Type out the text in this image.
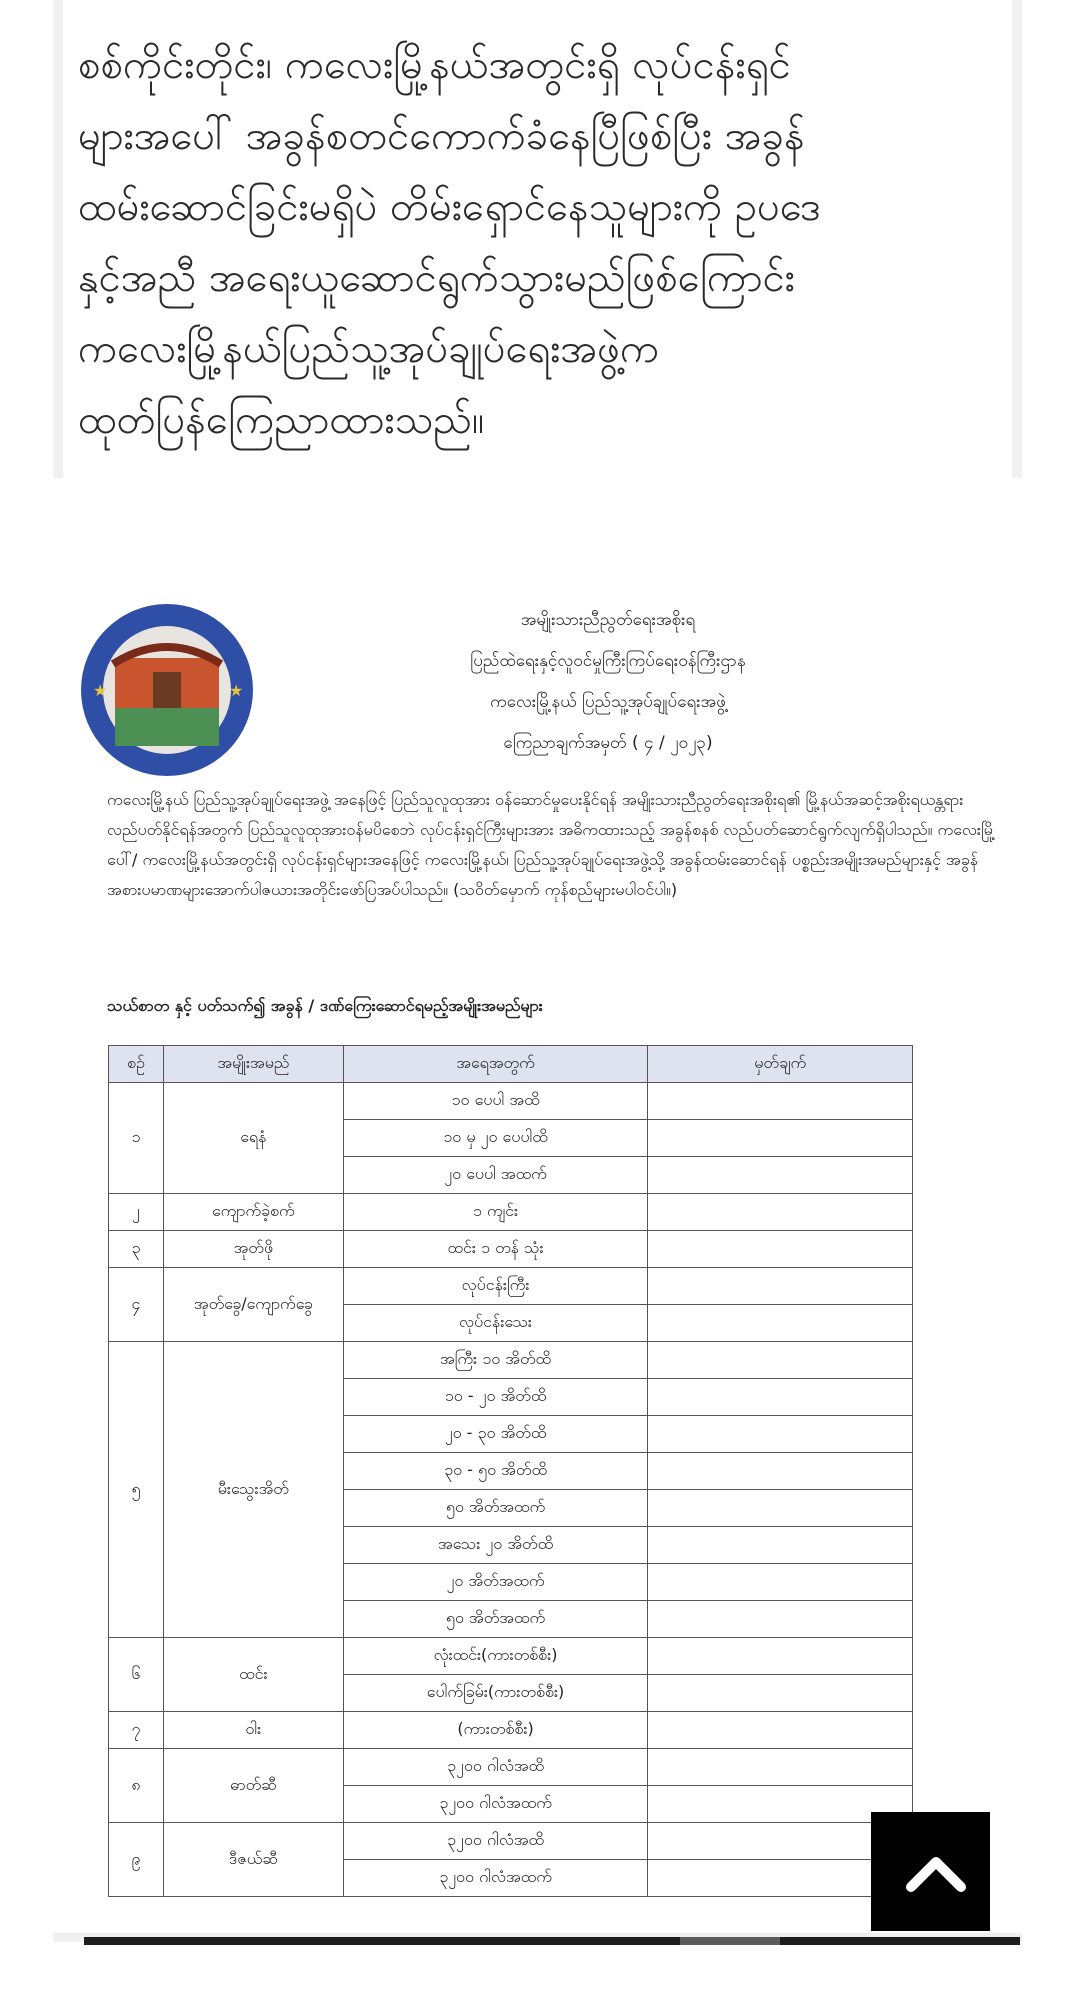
စစ်ကိုင်းတိုင်း၊ ကလေးမြို့နယ်အတွင်းရှိ လုပ်ငန်းရှင်
များအပေါ် အခွန်စတင်ကောက်ခံနေပြီဖြစ်ပြီး အခွန်
ထမ်းဆောင်ခြင်းမရှိပဲ တိမ်းရှောင်နေသူများကို ဥပဒေ
နှင့်အညီ အရေးယူဆောင်ရွက်သွားမည်ဖြစ်ကြောင်း
ကလေးမြို့နယ်ပြည်သူ့အုပ်ချုပ်ရေးအဖွဲ့က
ထုတ်ပြန်ကြေညာထားသည်။
★	★
အမျိုးသားညီညွတ်ရေးအစိုးရ
ပြည်ထဲရေးနှင့်လူဝင်မှုကြီးကြပ်ရေးဝန်ကြီးဌာန
ကလေးမြို့နယ် ပြည်သူ့အုပ်ချုပ်ရေးအဖွဲ့
ကြေညာချက်အမှတ် ( ၄ / ၂၀၂၃)
ကလေးမြို့နယ် ပြည်သူ့အုပ်ချုပ်ရေးအဖွဲ့ အနေဖြင့် ပြည်သူလူထုအား ဝန်ဆောင်မှုပေးနိုင်ရန် အမျိုးသားညီညွတ်ရေးအစိုးရ၏ မြို့နယ်အဆင့်အစိုးရယန္တရားလည်ပတ်နိုင်ရန်အတွက် ပြည်သူလူထုအားဝန်မပိစေဘဲ လုပ်ငန်းရှင်ကြီးများအား အဓိကထားသည့် အခွန်စနစ် လည်ပတ်ဆောင်ရွက်လျက်ရှိပါသည်။ ကလေးမြို့ပေါ်/ ကလေးမြို့နယ်အတွင်းရှိ လုပ်ငန်းရှင်များအနေဖြင့် ကလေးမြို့နယ်၊ ပြည်သူ့အုပ်ချုပ်ရေးအဖွဲ့သို့ အခွန်ထမ်းဆောင်ရန် ပစ္စည်းအမျိုးအမည်များနှင့် အခွန်အစားပမာဏများအောက်ပါဇယားအတိုင်းဖော်ပြအပ်ပါသည်။ (သဝိတ်မှောက် ကုန်စည်များမပါဝင်ပါ။)
သယ်စာတ နှင့် ပတ်သက်၍ အခွန် / ဒဏ်ကြေးဆောင်ရမည့်အမျိုးအမည်များ
စဉ်	အမျိုးအမည်	အရေအတွက်	မှတ်ချက်
၁	ရေနံ	၁၀ ပေပါ အထိ	
		၁၀ မှ ၂၀ ပေပါထိ	
		၂၀ ပေပါ အထက်	
၂	ကျောက်ခဲ့စက်	၁ ကျင်း	
၃	အုတ်ဖို	ထင်း ၁ တန် သုံး	
၄	အုတ်ခွေ/ကျောက်ခွေ	လုပ်ငန်းကြီး	
		လုပ်ငန်းသေး	
၅	မီးသွေးအိတ်	အကြီး ၁၀ အိတ်ထိ	
		၁၀ - ၂၀ အိတ်ထိ	
		၂၀ - ၃၀ အိတ်ထိ	
		၃၀ - ၅၀ အိတ်ထိ	
		၅၀ အိတ်အထက်	
		အသေး ၂၀ အိတ်ထိ	
		၂၀ အိတ်အထက်	
		၅၀ အိတ်အထက်	
၆	ထင်း	လုံးထင်း(ကားတစ်စီး)	
		ပေါက်ခြမ်း(ကားတစ်စီး)	
၇	ဝါး	(ကားတစ်စီး)	
၈	ဓာတ်ဆီ	၃၂၀၀ ဂါလံအထိ	
		၃၂၀၀ ဂါလံအထက်	
၉	ဒီဇယ်ဆီ	၃၂၀၀ ဂါလံအထိ	
		၃၂၀၀ ဂါလံအထက်	
